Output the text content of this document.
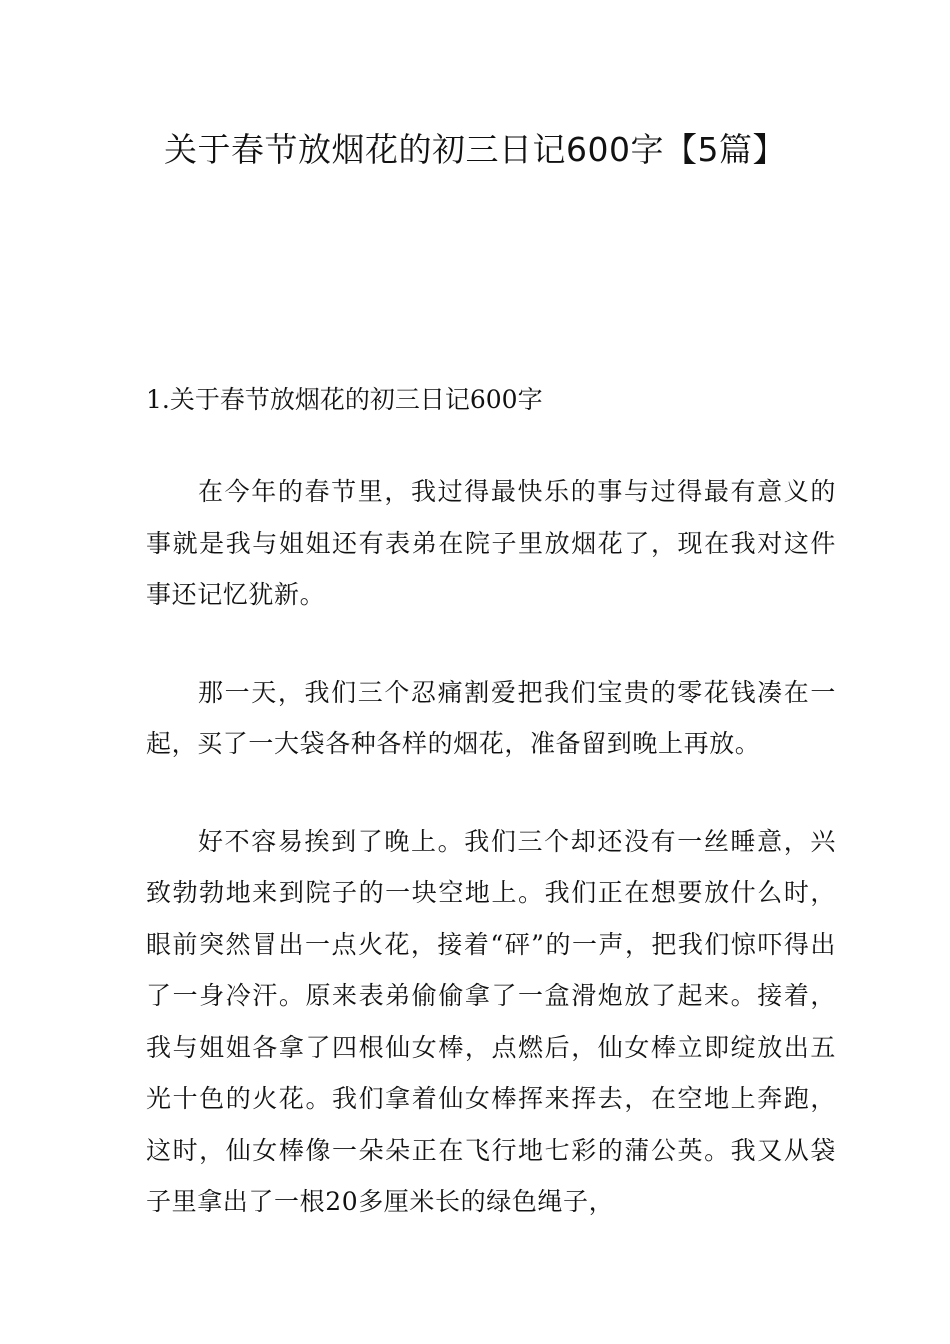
关于春节放烟花的初三日记600字【5篇】
1.关于春节放烟花的初三日记600字

在今年的春节里，我过得最快乐的事与过得最有意义的事就是我与姐姐还有表弟在院子里放烟花了，现在我对这件事还记忆犹新。

那一天，我们三个忍痛割爱把我们宝贵的零花钱凑在一起，买了一大袋各种各样的烟花，准备留到晚上再放。

好不容易挨到了晚上。我们三个却还没有一丝睡意，兴致勃勃地来到院子的一块空地上。我们正在想要放什么时，眼前突然冒出一点火花，接着“砰”的一声，把我们惊吓得出了一身冷汗。原来表弟偷偷拿了一盒滑炮放了起来。接着，我与姐姐各拿了四根仙女棒，点燃后，仙女棒立即绽放出五光十色的火花。我们拿着仙女棒挥来挥去，在空地上奔跑，这时，仙女棒像一朵朵正在飞行地七彩的蒲公英。我又从袋子里拿出了一根20多厘米长的绿色绳子，
